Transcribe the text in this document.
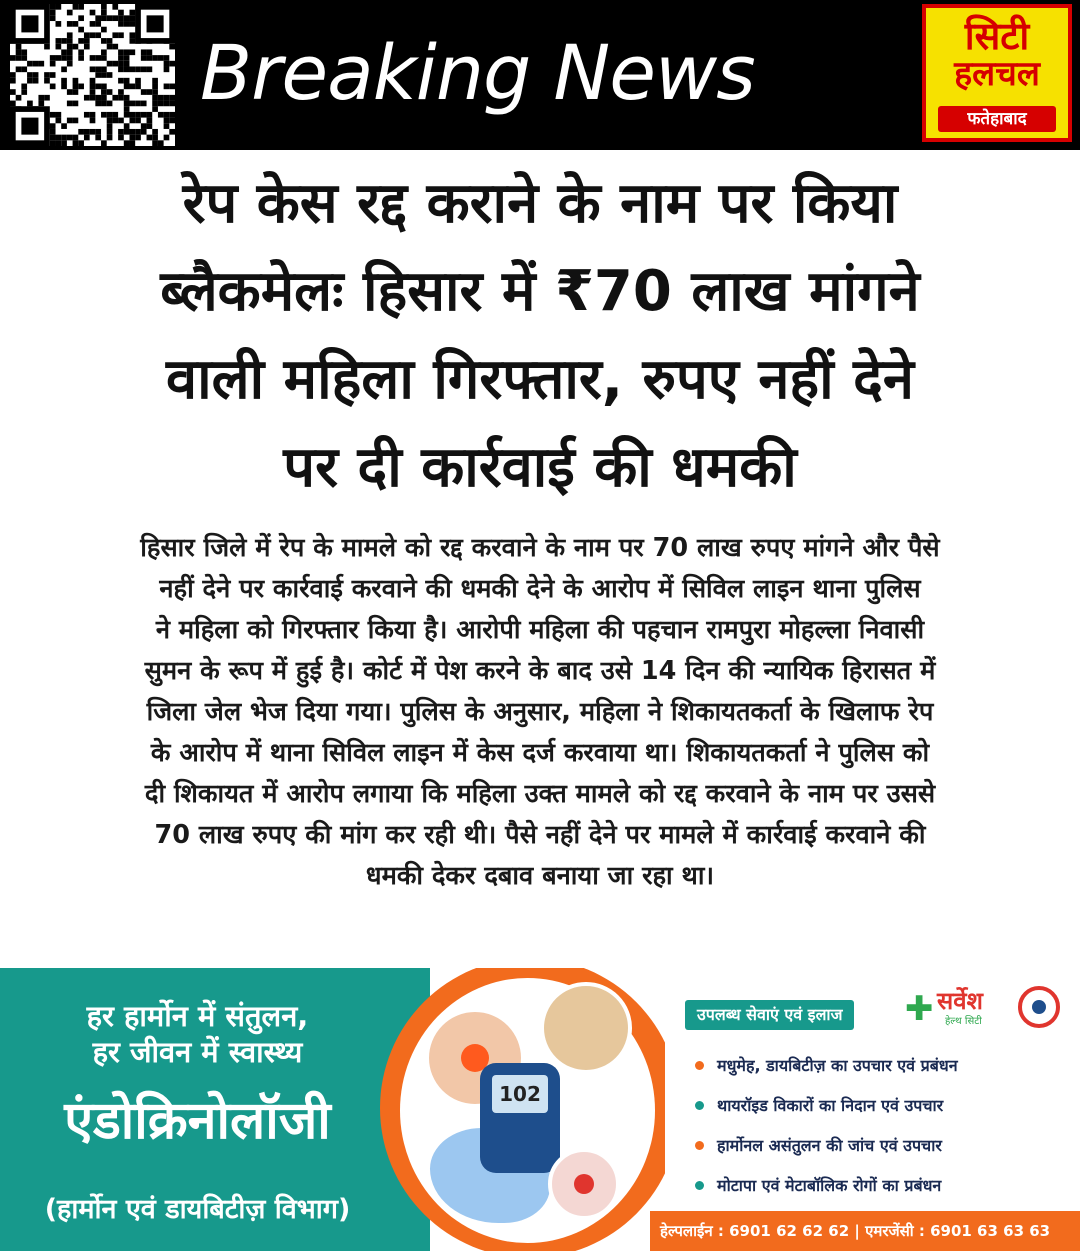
Breaking News	सिटी
हलचल
फतेहाबाद
रेप केस रद्द कराने के नाम पर किया
ब्लैकमेलः हिसार में ₹70 लाख मांगने
वाली महिला गिरफ्तार, रुपए नहीं देने
पर दी कार्रवाई की धमकी
हिसार जिले में रेप के मामले को रद्द करवाने के नाम पर 70 लाख रुपए मांगने और पैसे
नहीं देने पर कार्रवाई करवाने की धमकी देने के आरोप में सिविल लाइन थाना पुलिस
ने महिला को गिरफ्तार किया है। आरोपी महिला की पहचान रामपुरा मोहल्ला निवासी
सुमन के रूप में हुई है। कोर्ट में पेश करने के बाद उसे 14 दिन की न्यायिक हिरासत में
जिला जेल भेज दिया गया। पुलिस के अनुसार, महिला ने शिकायतकर्ता के खिलाफ रेप
के आरोप में थाना सिविल लाइन में केस दर्ज करवाया था। शिकायतकर्ता ने पुलिस को
दी शिकायत में आरोप लगाया कि महिला उक्त मामले को रद्द करवाने के नाम पर उससे
70 लाख रुपए की मांग कर रही थी। पैसे नहीं देने पर मामले में कार्रवाई करवाने की
धमकी देकर दबाव बनाया जा रहा था।
हर हार्मोन में संतुलन,
हर जीवन में स्वास्थ्य
एंडोक्रिनोलॉजी
(हार्मोन एवं डायबिटीज़ विभाग)
102
उपलब्ध सेवाएं एवं इलाज	✚ सर्वेश
हेल्थ सिटी
मधुमेह, डायबिटीज़ का उपचार एवं प्रबंधन
थायरॉइड विकारों का निदान एवं उपचार
हार्मोनल असंतुलन की जांच एवं उपचार
मोटापा एवं मेटाबॉलिक रोगों का प्रबंधन
हेल्पलाईन : 6901 62 62 62 | एमरजेंसी : 6901 63 63 63
